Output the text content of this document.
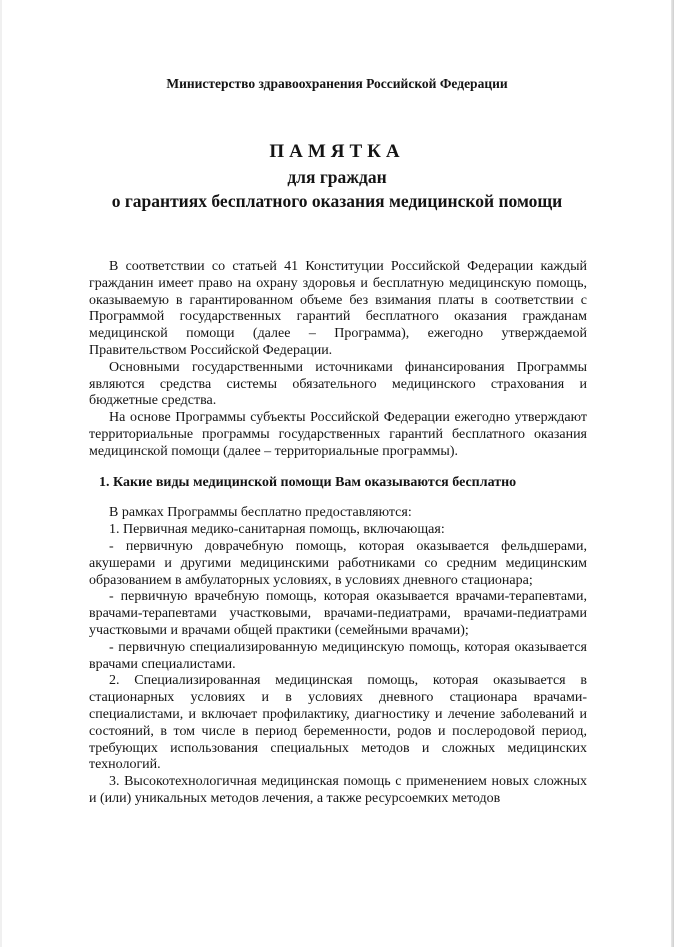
Министерство здравоохранения Российской Федерации
ПАМЯТКА
для граждан
о гарантиях бесплатного оказания медицинской помощи

В соответствии со статьей 41 Конституции Российской Федерации каждый гражданин имеет право на охрану здоровья и бесплатную медицинскую помощь, оказываемую в гарантированном объеме без взимания платы в соответствии с Программой государственных гарантий бесплатного оказания гражданам медицинской помощи (далее – Программа), ежегодно утверждаемой Правительством Российской Федерации.

Основными государственными источниками финансирования Программы являются средства системы обязательного медицинского страхования и бюджетные средства.

На основе Программы субъекты Российской Федерации ежегодно утверждают территориальные программы государственных гарантий бесплатного оказания медицинской помощи (далее – территориальные программы).

1. Какие виды медицинской помощи Вам оказываются бесплатно

В рамках Программы бесплатно предоставляются:

1. Первичная медико-санитарная помощь, включающая:

- первичную доврачебную помощь, которая оказывается фельдшерами, акушерами и другими медицинскими работниками со средним медицинским образованием в амбулаторных условиях, в условиях дневного стационара;

- первичную врачебную помощь, которая оказывается врачами-терапевтами, врачами-терапевтами участковыми, врачами-педиатрами, врачами-педиатрами участковыми и врачами общей практики (семейными врачами);

- первичную специализированную медицинскую помощь, которая оказывается врачами специалистами.

2. Специализированная медицинская помощь, которая оказывается в стационарных условиях и в условиях дневного стационара врачами-специалистами, и включает профилактику, диагностику и лечение заболеваний и состояний, в том числе в период беременности, родов и послеродовой период, требующих использования специальных методов и сложных медицинских технологий.

3. Высокотехнологичная медицинская помощь с применением новых сложных и (или) уникальных методов лечения, а также ресурсоемких методов
